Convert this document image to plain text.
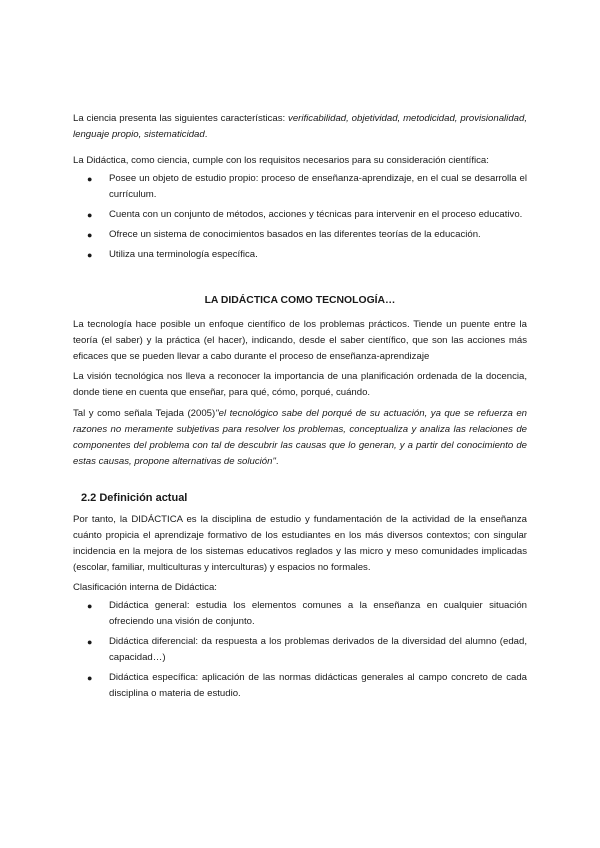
La ciencia presenta las siguientes características: verificabilidad, objetividad, metodicidad, provisionalidad, lenguaje propio, sistematicidad.

La Didáctica, como ciencia, cumple con los requisitos necesarios para su consideración científica:

● Posee un objeto de estudio propio: proceso de enseñanza-aprendizaje, en el cual se desarrolla el currículum.
● Cuenta con un conjunto de métodos, acciones y técnicas para intervenir en el proceso educativo.
● Ofrece un sistema de conocimientos basados en las diferentes teorías de la educación.
● Utiliza una terminología específica.
LA DIDÁCTICA COMO TECNOLOGÍA…

La tecnología hace posible un enfoque científico de los problemas prácticos. Tiende un puente entre la teoría (el saber) y la práctica (el hacer), indicando, desde el saber científico, que son las acciones más eficaces que se pueden llevar a cabo durante el proceso de enseñanza-aprendizaje

La visión tecnológica nos lleva a reconocer la importancia de una planificación ordenada de la docencia, donde tiene en cuenta que enseñar, para qué, cómo, porqué, cuándo.

Tal y como señala Tejada (2005)"el tecnológico sabe del porqué de su actuación, ya que se refuerza en razones no meramente subjetivas para resolver los problemas, conceptualiza y analiza las relaciones de componentes del problema con tal de descubrir las causas que lo generan, y a partir del conocimiento de estas causas, propone alternativas de solución".

2.2 Definición actual

Por tanto, la DIDÁCTICA es la disciplina de estudio y fundamentación de la actividad de la enseñanza cuánto propicia el aprendizaje formativo de los estudiantes en los más diversos contextos; con singular incidencia en la mejora de los sistemas educativos reglados y las micro y meso comunidades implicadas (escolar, familiar, multiculturas y interculturas) y espacios no formales.

Clasificación interna de Didáctica:

● Didáctica general: estudia los elementos comunes a la enseñanza en cualquier situación ofreciendo una visión de conjunto.
● Didáctica diferencial: da respuesta a los problemas derivados de la diversidad del alumno (edad, capacidad…)
● Didáctica específica: aplicación de las normas didácticas generales al campo concreto de cada disciplina o materia de estudio.
